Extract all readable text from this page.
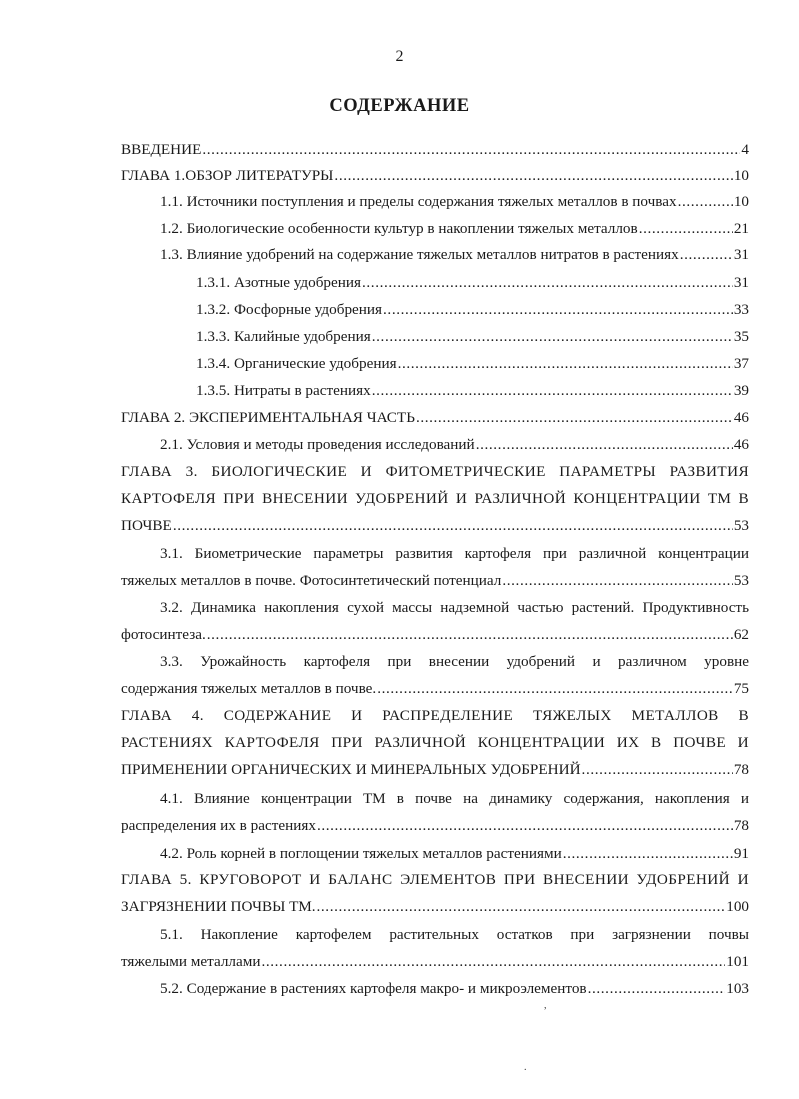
2
СОДЕРЖАНИЕ
ВВЕДЕНИЕ .....	4
ГЛАВА 1.ОБЗОР ЛИТЕРАТУРЫ .....	10
1.1. Источники поступления и пределы содержания тяжелых металлов в почвах .....	10
1.2. Биологические особенности культур в накоплении тяжелых металлов .....	21
1.3. Влияние удобрений на содержание тяжелых металлов нитратов в растениях .....	31
1.3.1. Азотные удобрения .....	31
1.3.2. Фосфорные удобрения .....	33
1.3.3. Калийные удобрения .....	35
1.3.4. Органические удобрения .....	37
1.3.5. Нитраты в растениях .....	39
ГЛАВА 2. ЭКСПЕРИМЕНТАЛЬНАЯ ЧАСТЬ .....	46
2.1. Условия и методы проведения исследований .....	46
ГЛАВА 3. БИОЛОГИЧЕСКИЕ И ФИТОМЕТРИЧЕСКИЕ ПАРАМЕТРЫ РАЗВИТИЯ
КАРТОФЕЛЯ ПРИ ВНЕСЕНИИ УДОБРЕНИЙ И РАЗЛИЧНОЙ КОНЦЕНТРАЦИИ ТМ В
ПОЧВЕ .....	53
3.1. Биометрические параметры развития картофеля при различной концентрации
тяжелых металлов в почве. Фотосинтетический потенциал .....	53
3.2. Динамика накопления сухой массы надземной частью растений. Продуктивность
фотосинтеза. .....	62
3.3. Урожайность картофеля при внесении удобрений и различном уровне
содержания тяжелых металлов в почве. .....	75
ГЛАВА 4. СОДЕРЖАНИЕ И РАСПРЕДЕЛЕНИЕ ТЯЖЕЛЫХ МЕТАЛЛОВ В
РАСТЕНИЯХ КАРТОФЕЛЯ ПРИ РАЗЛИЧНОЙ КОНЦЕНТРАЦИИ ИХ В ПОЧВЕ И
ПРИМЕНЕНИИ ОРГАНИЧЕСКИХ И МИНЕРАЛЬНЫХ УДОБРЕНИЙ .....	78
4.1. Влияние концентрации ТМ в почве на динамику содержания, накопления и
распределения их в растениях .....	78
4.2. Роль корней в поглощении тяжелых металлов растениями .....	91
ГЛАВА 5. КРУГОВОРОТ И БАЛАНС ЭЛЕМЕНТОВ ПРИ ВНЕСЕНИИ УДОБРЕНИЙ И
ЗАГРЯЗНЕНИИ ПОЧВЫ ТМ. .....	100
5.1. Накопление картофелем растительных остатков при загрязнении почвы
тяжелыми металлами .....	101
5.2. Содержание в растениях картофеля макро- и микроэлементов .....	103
,
.
